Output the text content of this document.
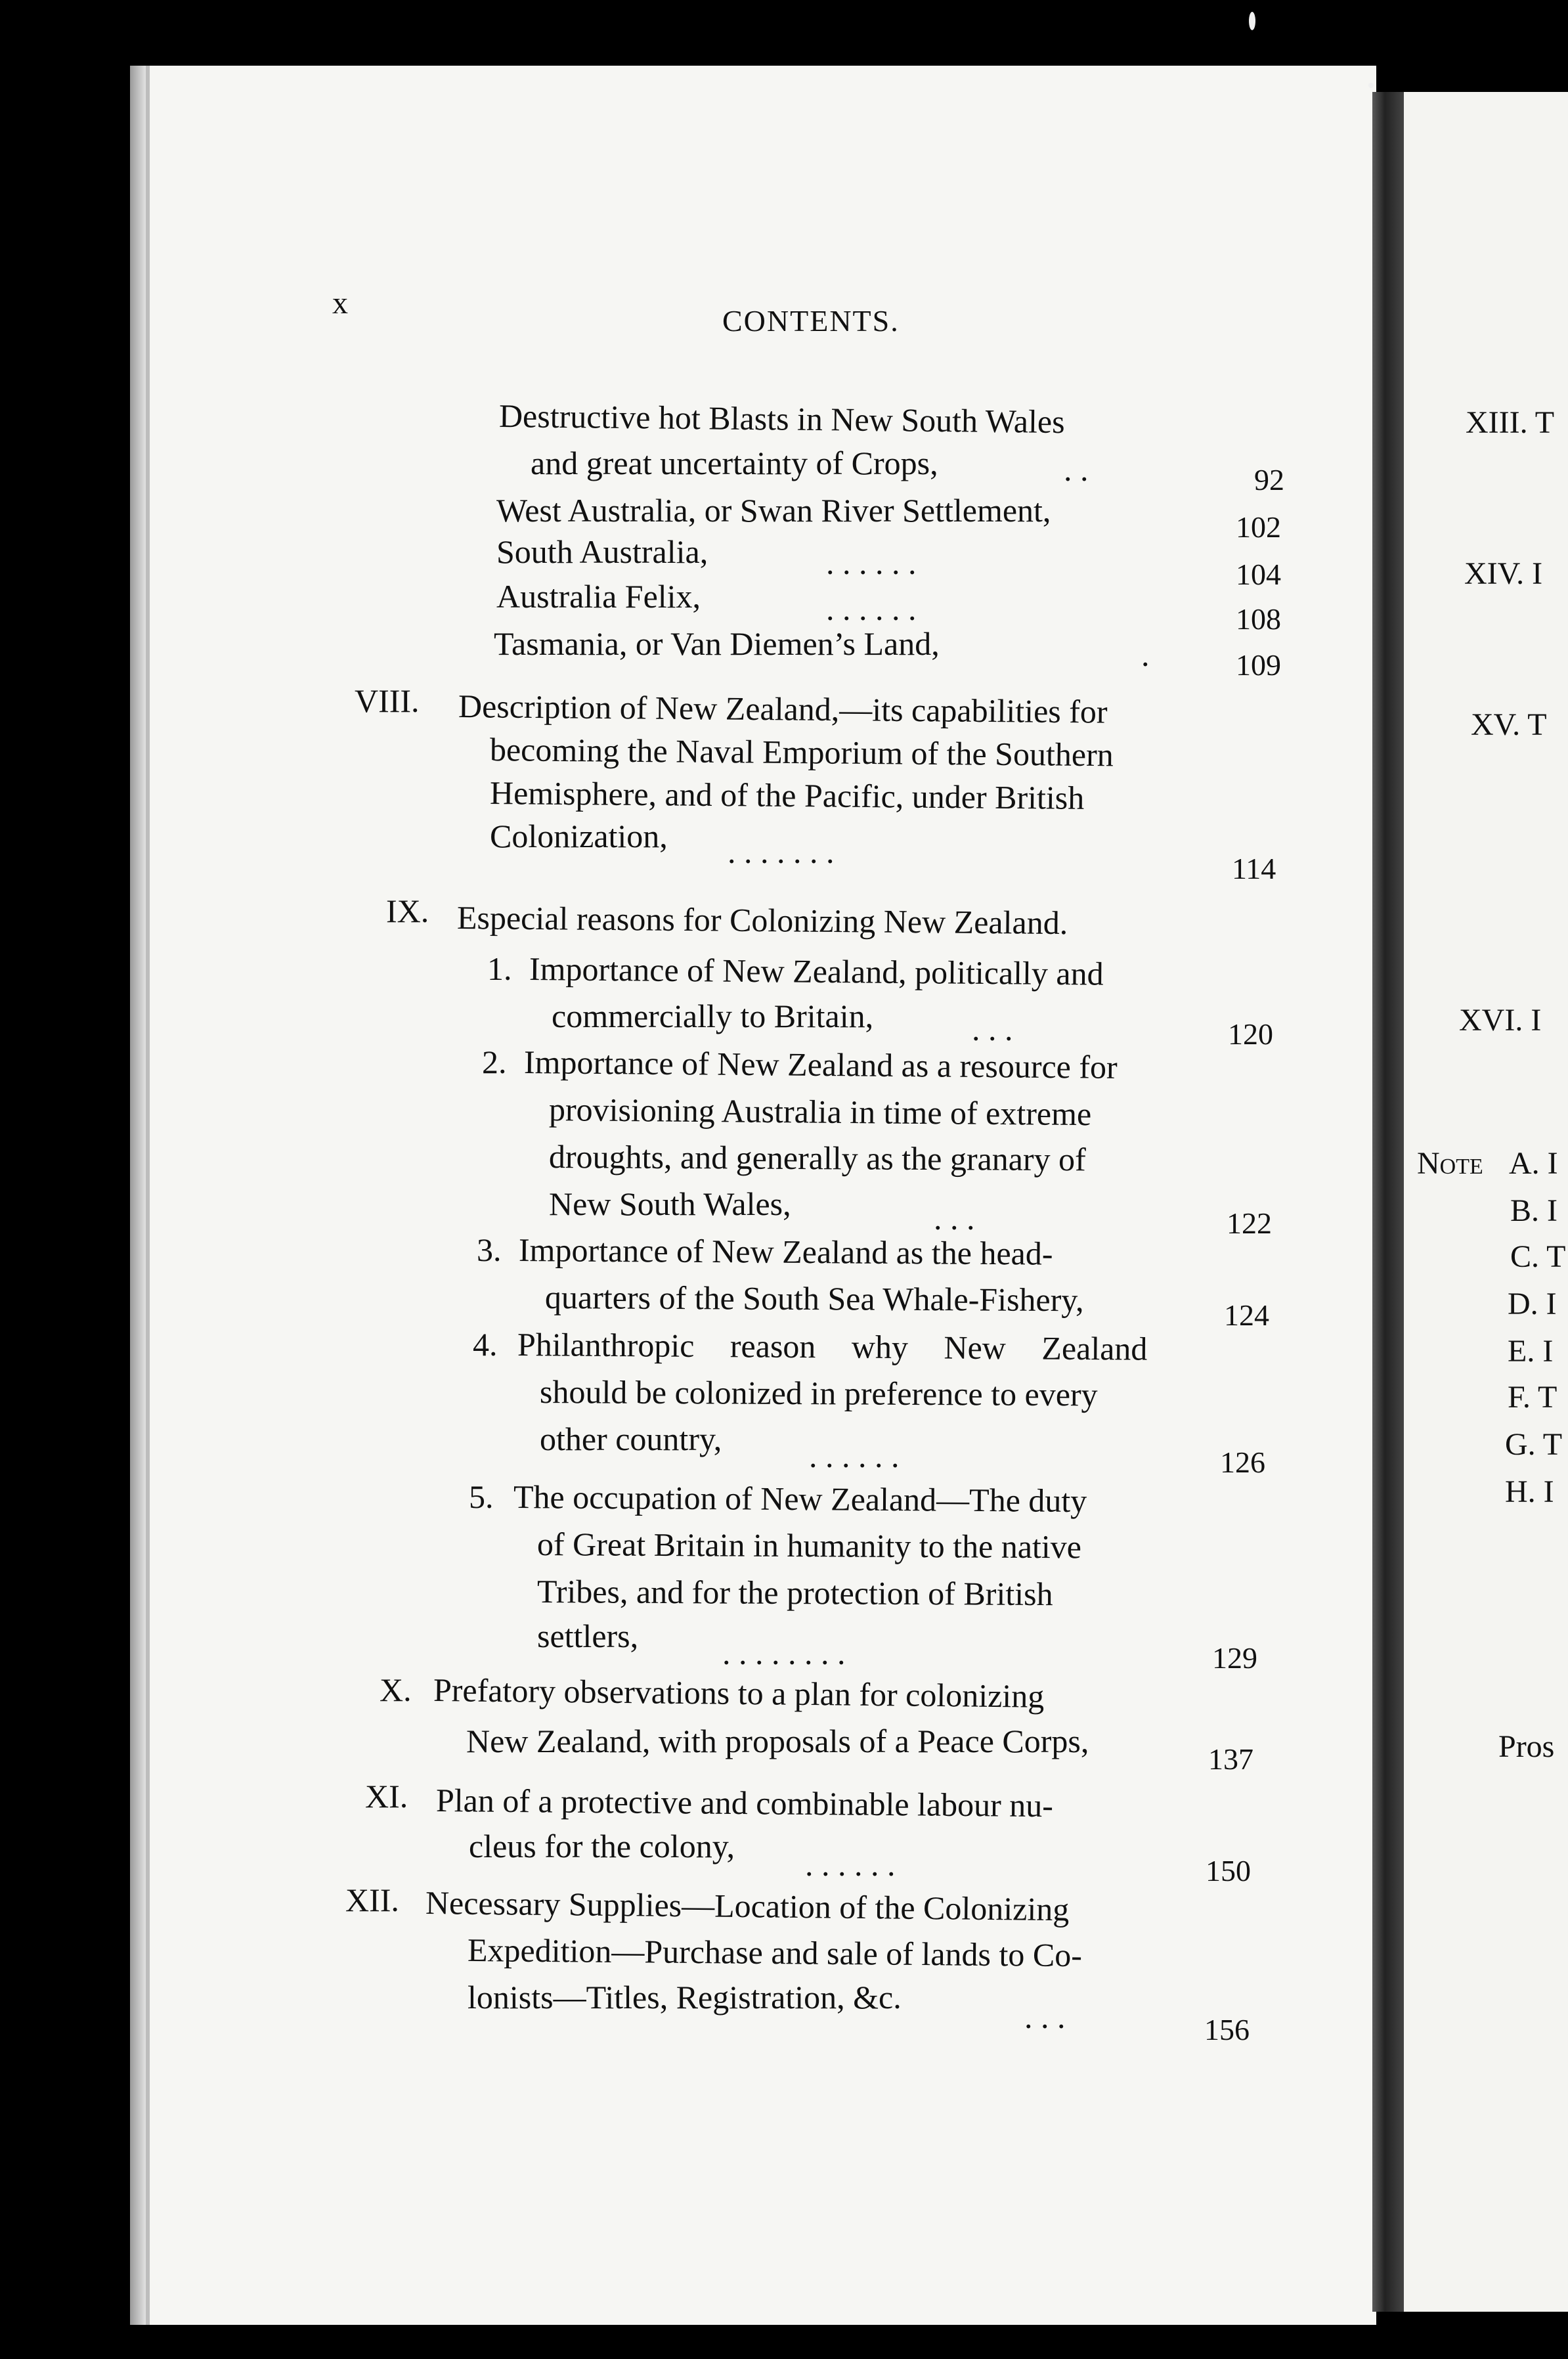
x
CONTENTS.
Destructive hot Blasts in New South Wales
and great uncertainty of Crops,	. .	92
West Australia, or Swan River Settlement,	102
South Australia,	. . . . . .	104
Australia Felix,	. . . . . .	108
Tasmania, or Van Diemen’s Land,	.	109
VIII. Description of New Zealand,—its capabilities for
becoming the Naval Emporium of the Southern
Hemisphere, and of the Pacific, under British
Colonization, . . . . . . .	114
IX. Especial reasons for Colonizing New Zealand.
1. Importance of New Zealand, politically and
commercially to Britain,	. . .	120
2. Importance of New Zealand as a resource for
provisioning Australia in time of extreme
droughts, and generally as the granary of
New South Wales,	. . .	122
3. Importance of New Zealand as the head-
quarters of the South Sea Whale-Fishery,	124
4. Philanthropic reason why New Zealand
should be colonized in preference to every
other country,	. . . . . .	126
5. The occupation of New Zealand—The duty
of Great Britain in humanity to the native
Tribes, and for the protection of British
settlers,	. . . . . . . .	129
X. Prefatory observations to a plan for colonizing
New Zealand, with proposals of a Peace Corps,	137
XI. Plan of a protective and combinable labour nu-
cleus for the colony, . . . . . .	150
XII. Necessary Supplies—Location of the Colonizing
Expedition—Purchase and sale of lands to Co-
lonists—Titles, Registration, &c.
. . .	156
XIII. T
XIV. I
XV. T
XVI. I
Note A. I
B. I
C. T
D. I
E. I
F. T
G. T
H. I
Pros
